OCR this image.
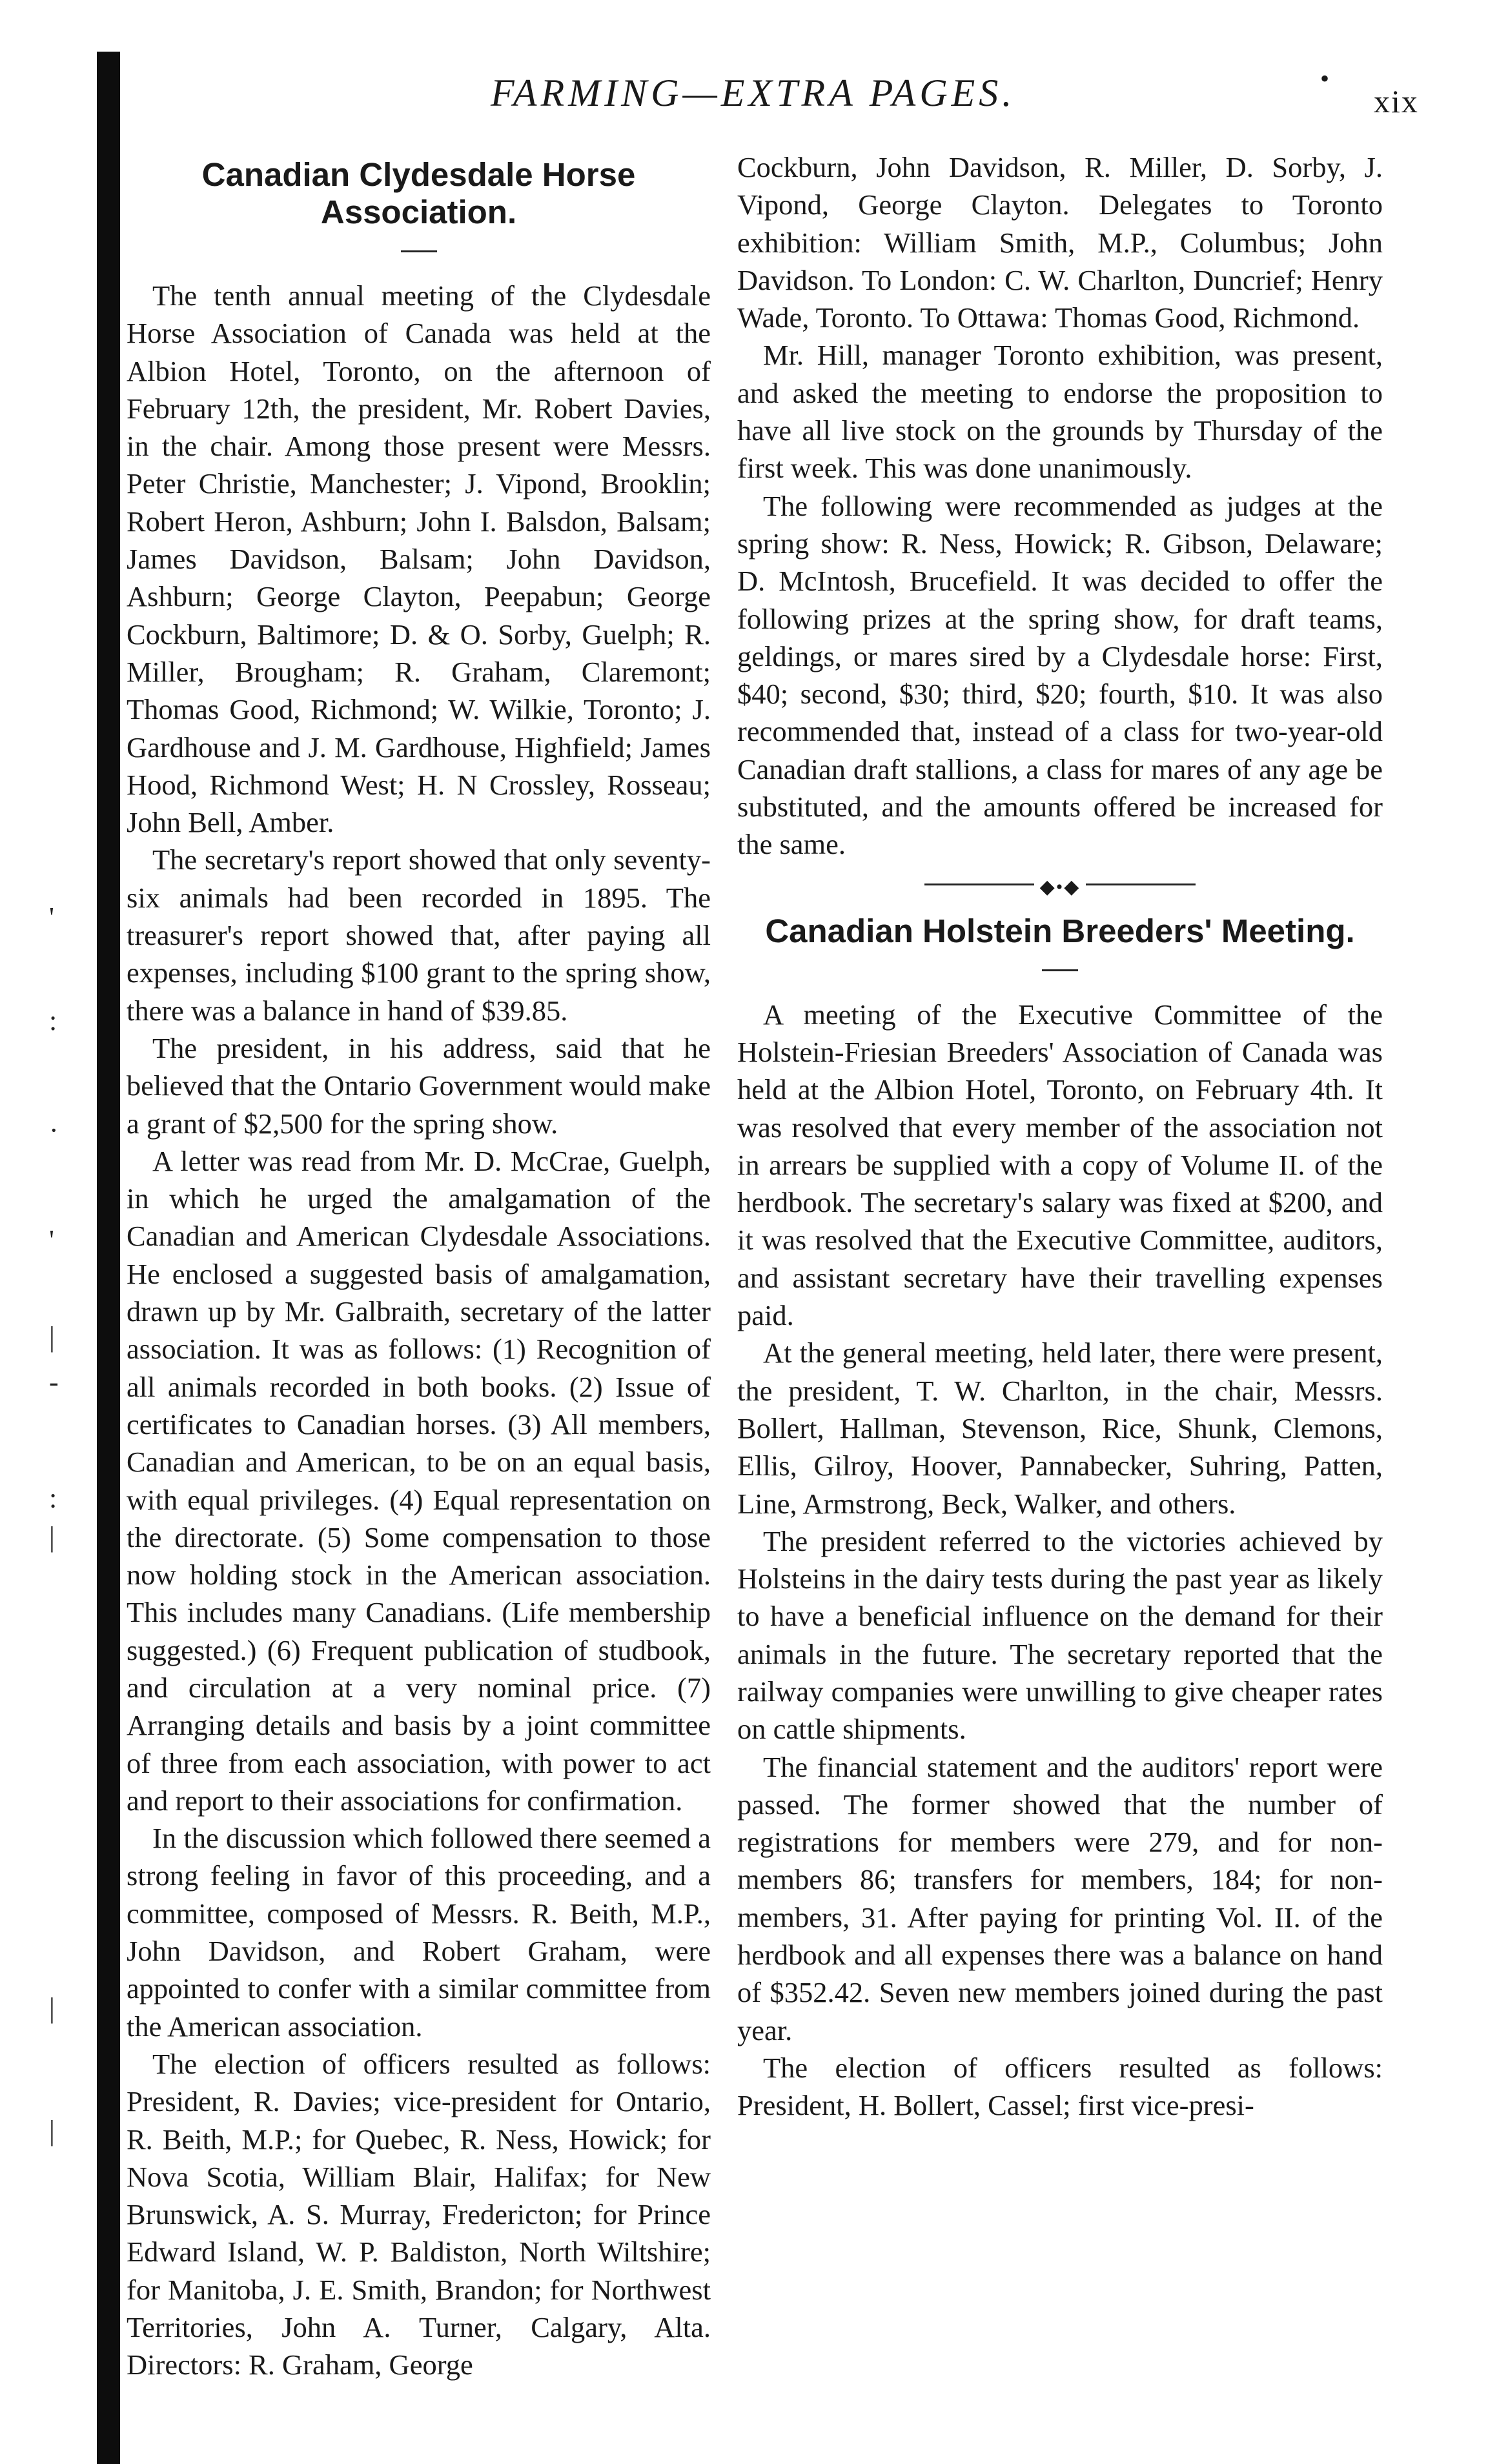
'
:
·
'
|
-
:
|
|
|
FARMING—EXTRA PAGES.	•
xix
Canadian Clydesdale Horse Association.

The tenth annual meeting of the Clydesdale Horse Association of Canada was held at the Albion Hotel, Toronto, on the afternoon of February 12th, the president, Mr. Robert Davies, in the chair. Among those present were Messrs. Peter Christie, Manchester; J. Vipond, Brooklin; Robert Heron, Ashburn; John I. Balsdon, Balsam; James Davidson, Balsam; John Davidson, Ashburn; George Clayton, Peepabun; George Cockburn, Baltimore; D. & O. Sorby, Guelph; R. Miller, Brougham; R. Graham, Claremont; Thomas Good, Richmond; W. Wilkie, Toronto; J. Gardhouse and J. M. Gardhouse, Highfield; James Hood, Richmond West; H. N Crossley, Rosseau; John Bell, Amber.

The secretary's report showed that only seventy-six animals had been recorded in 1895. The treasurer's report showed that, after paying all expenses, including $100 grant to the spring show, there was a balance in hand of $39.85.

The president, in his address, said that he believed that the Ontario Government would make a grant of $2,500 for the spring show.

A letter was read from Mr. D. McCrae, Guelph, in which he urged the amalgamation of the Canadian and American Clydesdale Associations. He enclosed a suggested basis of amalgamation, drawn up by Mr. Galbraith, secretary of the latter association. It was as follows: (1) Recognition of all animals recorded in both books. (2) Issue of certificates to Canadian horses. (3) All members, Canadian and American, to be on an equal basis, with equal privileges. (4) Equal representation on the directorate. (5) Some compensation to those now holding stock in the American association. This includes many Canadians. (Life membership suggested.) (6) Frequent publication of studbook, and circulation at a very nominal price. (7) Arranging details and basis by a joint committee of three from each association, with power to act and report to their associations for confirmation.

In the discussion which followed there seemed a strong feeling in favor of this proceeding, and a committee, composed of Messrs. R. Beith, M.P., John Davidson, and Robert Graham, were appointed to confer with a similar committee from the American association.

The election of officers resulted as follows: President, R. Davies; vice-president for Ontario, R. Beith, M.P.; for Quebec, R. Ness, Howick; for Nova Scotia, William Blair, Halifax; for New Brunswick, A. S. Murray, Fredericton; for Prince Edward Island, W. P. Baldiston, North Wiltshire; for Manitoba, J. E. Smith, Brandon; for Northwest Territories, John A. Turner, Calgary, Alta. Directors: R. Graham, George

Cockburn, John Davidson, R. Miller, D. Sorby, J. Vipond, George Clayton. Delegates to Toronto exhibition: William Smith, M.P., Columbus; John Davidson. To London: C. W. Charlton, Duncrief; Henry Wade, Toronto. To Ottawa: Thomas Good, Richmond.

Mr. Hill, manager Toronto exhibition, was present, and asked the meeting to endorse the proposition to have all live stock on the grounds by Thursday of the first week. This was done unanimously.

The following were recommended as judges at the spring show: R. Ness, Howick; R. Gibson, Delaware; D. McIntosh, Brucefield. It was decided to offer the following prizes at the spring show, for draft teams, geldings, or mares sired by a Clydesdale horse: First, $40; second, $30; third, $20; fourth, $10. It was also recommended that, instead of a class for two-year-old Canadian draft stallions, a class for mares of any age be substituted, and the amounts offered be increased for the same.

◆•◆
Canadian Holstein Breeders' Meeting.

A meeting of the Executive Committee of the Holstein-Friesian Breeders' Association of Canada was held at the Albion Hotel, Toronto, on February 4th. It was resolved that every member of the association not in arrears be supplied with a copy of Volume II. of the herdbook. The secretary's salary was fixed at $200, and it was resolved that the Executive Committee, auditors, and assistant secretary have their travelling expenses paid.

At the general meeting, held later, there were present, the president, T. W. Charlton, in the chair, Messrs. Bollert, Hallman, Stevenson, Rice, Shunk, Clemons, Ellis, Gilroy, Hoover, Pannabecker, Suhring, Patten, Line, Armstrong, Beck, Walker, and others.

The president referred to the victories achieved by Holsteins in the dairy tests during the past year as likely to have a beneficial influence on the demand for their animals in the future. The secretary reported that the railway companies were unwilling to give cheaper rates on cattle shipments.

The financial statement and the auditors' report were passed. The former showed that the number of registrations for members were 279, and for non-members 86; transfers for members, 184; for non-members, 31. After paying for printing Vol. II. of the herdbook and all expenses there was a balance on hand of $352.42. Seven new members joined during the past year.

The election of officers resulted as follows: President, H. Bollert, Cassel; first vice-presi-
